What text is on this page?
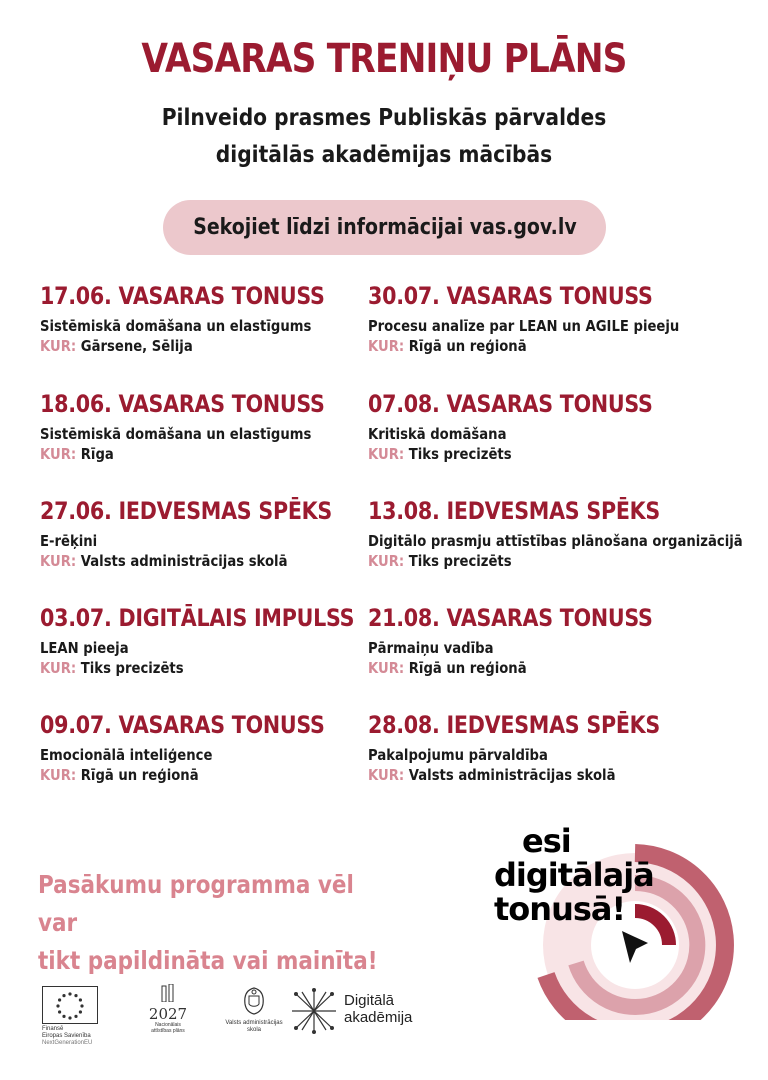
VASARAS TRENIŅU PLĀNS
Pilnveido prasmes Publiskās pārvaldes
digitālās akadēmijas mācībās
Sekojiet līdzi informācijai vas.gov.lv
17.06. VASARAS TONUSS
Sistēmiskā domāšana un elastīgums
KUR: Gārsene, Sēlija
18.06. VASARAS TONUSS
Sistēmiskā domāšana un elastīgums
KUR: Rīga
27.06. IEDVESMAS SPĒKS
E-rēķini
KUR: Valsts administrācijas skolā
03.07. DIGITĀLAIS IMPULSS
LEAN pieeja
KUR: Tiks precizēts
09.07. VASARAS TONUSS
Emocionālā inteliģence
KUR: Rīgā un reģionā
30.07. VASARAS TONUSS
Procesu analīze par LEAN un AGILE pieeju
KUR: Rīgā un reģionā
07.08. VASARAS TONUSS
Kritiskā domāšana
KUR: Tiks precizēts
13.08. IEDVESMAS SPĒKS
Digitālo prasmju attīstības plānošana organizācijā
KUR: Tiks precizēts
21.08. VASARAS TONUSS
Pārmaiņu vadība
KUR: Rīgā un reģionā
28.08. IEDVESMAS SPĒKS
Pakalpojumu pārvaldība
KUR: Valsts administrācijas skolā
Pasākumu programma vēl var
tikt papildināta vai mainīta!
esi
digitālajā
tonusā!
Finansē
Eiropas Savienība
NextGenerationEU
2027
Nacionālais
attīstības plāns
Valsts administrācijas
skola
Digitālā
akadēmija
